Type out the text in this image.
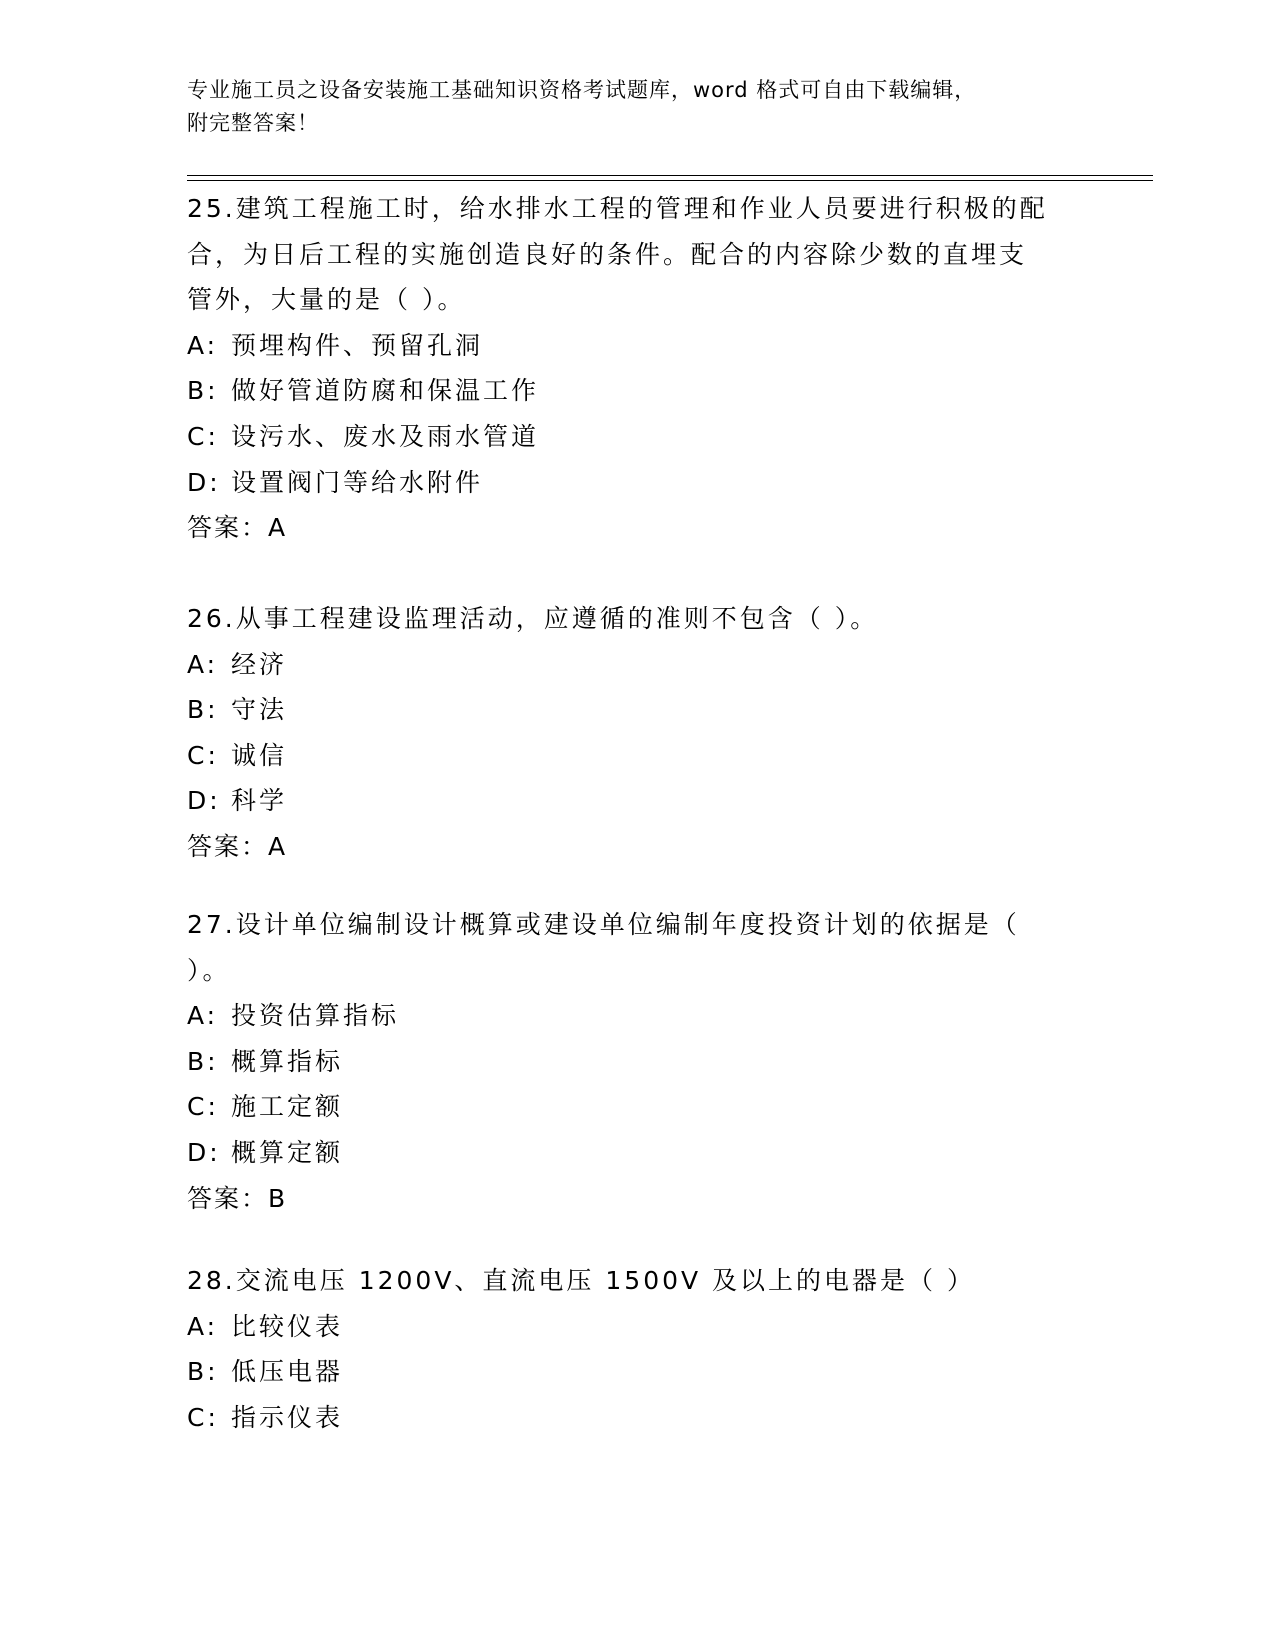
专业施工员之设备安装施工基础知识资格考试题库，word 格式可自由下载编辑，
附完整答案！
25.建筑工程施工时，给水排水工程的管理和作业人员要进行积极的配
合，为日后工程的实施创造良好的条件。配合的内容除少数的直埋支
管外，大量的是（ ）。
A: 预埋构件、预留孔洞
B: 做好管道防腐和保温工作
C: 设污水、废水及雨水管道
D: 设置阀门等给水附件
答案：A
26.从事工程建设监理活动，应遵循的准则不包含（ ）。
A: 经济
B: 守法
C: 诚信
D: 科学
答案：A
27.设计单位编制设计概算或建设单位编制年度投资计划的依据是（
）。
A: 投资估算指标
B: 概算指标
C: 施工定额
D: 概算定额
答案：B
28.交流电压 1200V、直流电压 1500V 及以上的电器是（ ）
A: 比较仪表
B: 低压电器
C: 指示仪表
